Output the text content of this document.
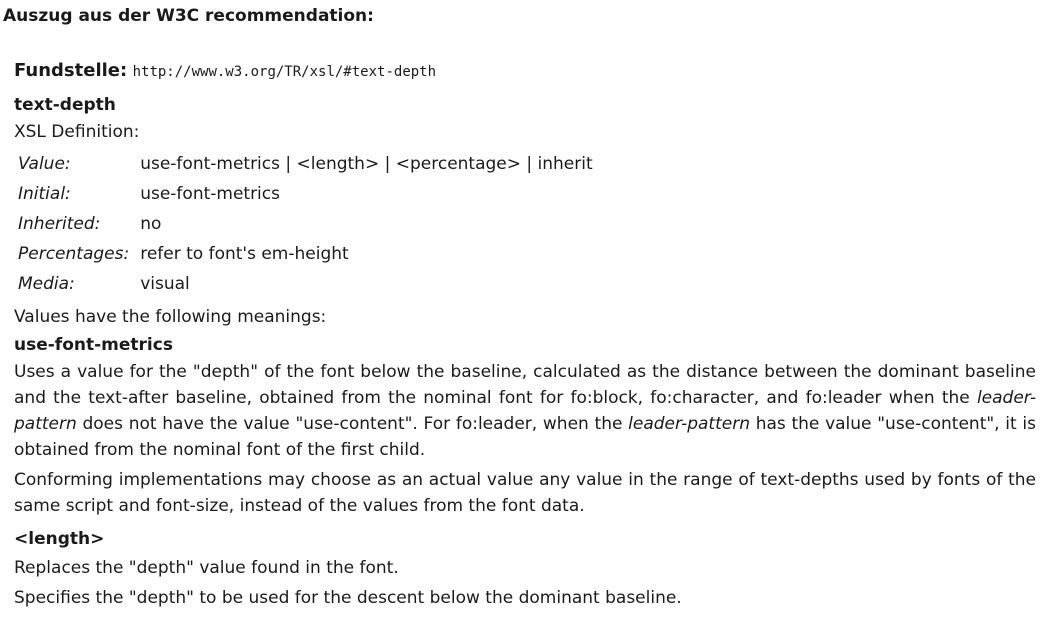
Auszug aus der W3C recommendation:
Fundstelle: http://www.w3.org/TR/xsl/#text-depth
text-depth
XSL Definition:
Value:	use-font-metrics | <length> | <percentage> | inherit
Initial:	use-font-metrics
Inherited:	no
Percentages:	refer to font's em-height
Media:	visual
Values have the following meanings:
use-font-metrics
Uses a value for the "depth" of the font below the baseline, calculated as the distance between the dominant baseline and the text-after baseline, obtained from the nominal font for fo:block, fo:character, and fo:leader when the leader-pattern does not have the value "use-content". For fo:leader, when the leader-pattern has the value "use-content", it is obtained from the nominal font of the first child.
Conforming implementations may choose as an actual value any value in the range of text-depths used by fonts of the same script and font-size, instead of the values from the font data.
<length>
Replaces the "depth" value found in the font.
Specifies the "depth" to be used for the descent below the dominant baseline.
